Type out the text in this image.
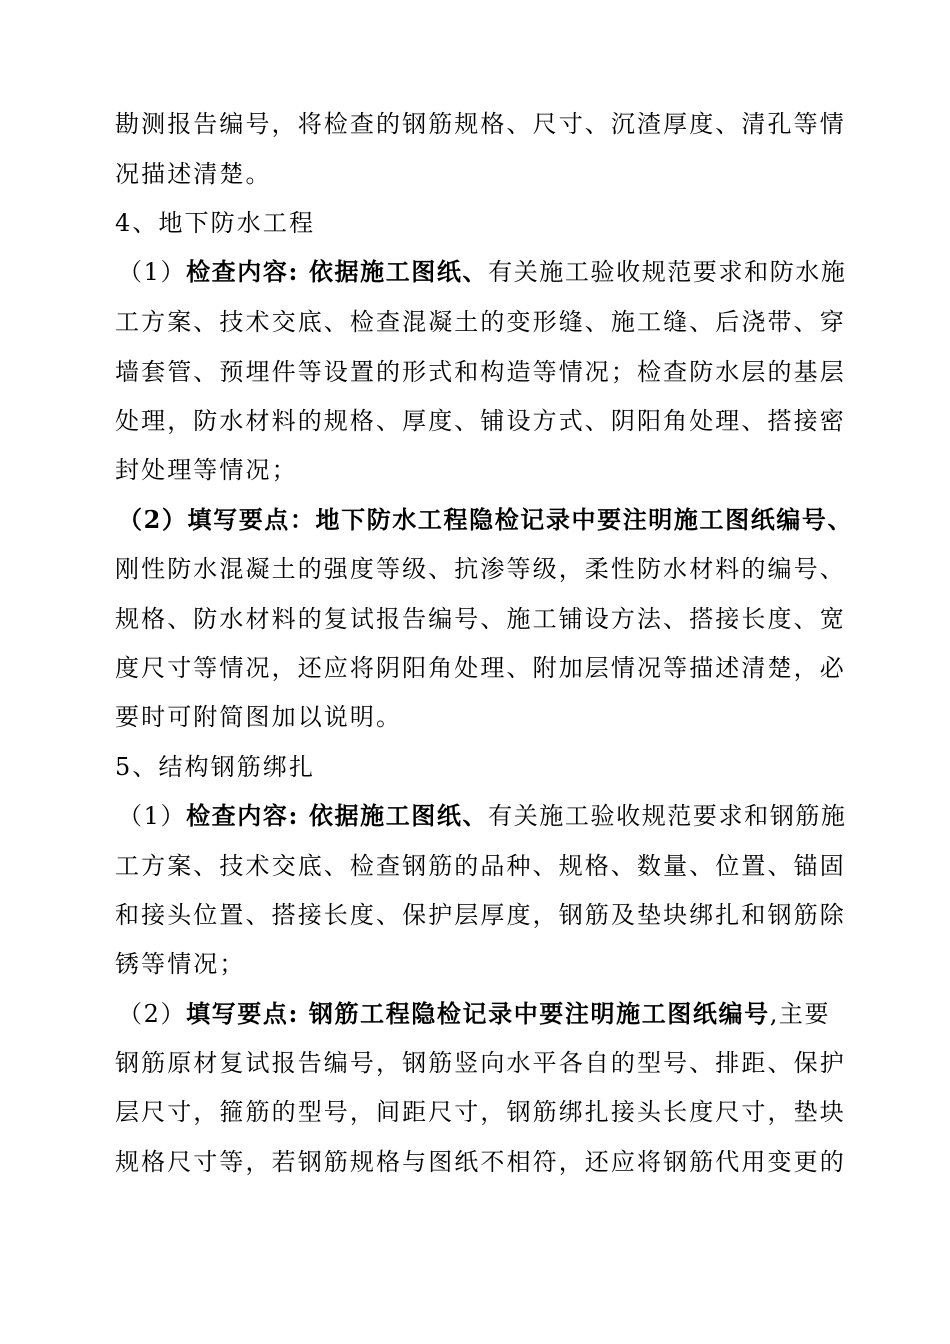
勘测报告编号，将检查的钢筋规格、尺寸、沉渣厚度、清孔等情
况描述清楚。
4、地下防水工程
（1）检查内容: 依据施工图纸、有关施工验收规范要求和防水施
工方案、技术交底、检查混凝土的变形缝、施工缝、后浇带、穿
墙套管、预埋件等设置的形式和构造等情况；检查防水层的基层
处理，防水材料的规格、厚度、铺设方式、阴阳角处理、搭接密
封处理等情况；
（2）填写要点：地下防水工程隐检记录中要注明施工图纸编号、
刚性防水混凝土的强度等级、抗渗等级，柔性防水材料的编号、
规格、防水材料的复试报告编号、施工铺设方法、搭接长度、宽
度尺寸等情况，还应将阴阳角处理、附加层情况等描述清楚，必
要时可附简图加以说明。
5、结构钢筋绑扎
（1）检查内容: 依据施工图纸、有关施工验收规范要求和钢筋施
工方案、技术交底、检查钢筋的品种、规格、数量、位置、锚固
和接头位置、搭接长度、保护层厚度，钢筋及垫块绑扎和钢筋除
锈等情况；
（2）填写要点: 钢筋工程隐检记录中要注明施工图纸编号,主要
钢筋原材复试报告编号，钢筋竖向水平各自的型号、排距、保护
层尺寸，箍筋的型号，间距尺寸，钢筋绑扎接头长度尺寸，垫块
规格尺寸等，若钢筋规格与图纸不相符，还应将钢筋代用变更的
